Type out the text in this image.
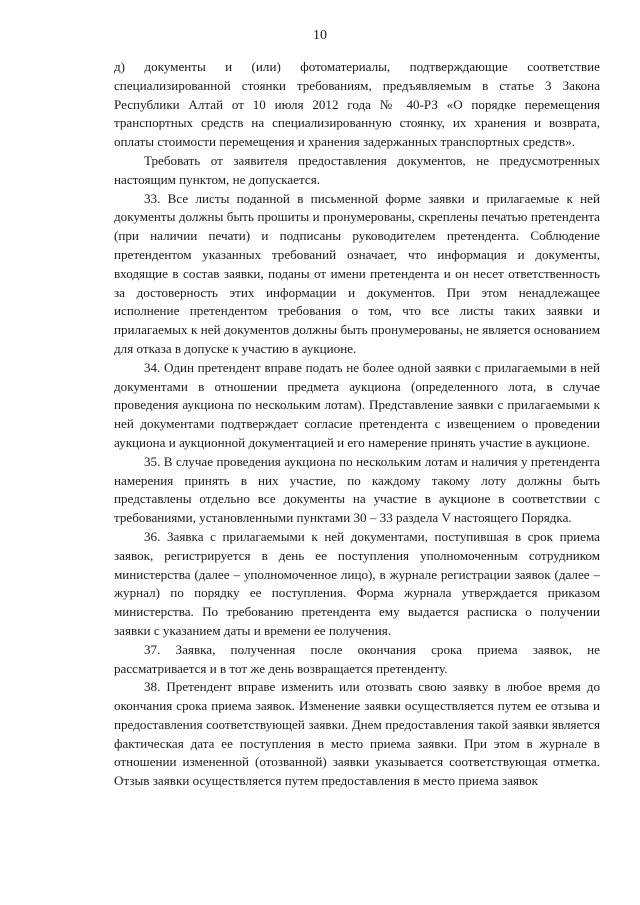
10

д) документы и (или) фотоматериалы, подтверждающие соответствие специализированной стоянки требованиям, предъявляемым в статье 3 Закона Республики Алтай от 10 июля 2012 года № 40-РЗ «О порядке перемещения транспортных средств на специализированную стоянку, их хранения и возврата, оплаты стоимости перемещения и хранения задержанных транспортных средств».

Требовать от заявителя предоставления документов, не предусмотренных настоящим пунктом, не допускается.

33. Все листы поданной в письменной форме заявки и прилагаемые к ней документы должны быть прошиты и пронумерованы, скреплены печатью претендента (при наличии печати) и подписаны руководителем претендента. Соблюдение претендентом указанных требований означает, что информация и документы, входящие в состав заявки, поданы от имени претендента и он несет ответственность за достоверность этих информации и документов. При этом ненадлежащее исполнение претендентом требования о том, что все листы таких заявки и прилагаемых к ней документов должны быть пронумерованы, не является основанием для отказа в допуске к участию в аукционе.

34. Один претендент вправе подать не более одной заявки с прилагаемыми в ней документами в отношении предмета аукциона (определенного лота, в случае проведения аукциона по нескольким лотам). Представление заявки с прилагаемыми к ней документами подтверждает согласие претендента с извещением о проведении аукциона и аукционной документацией и его намерение принять участие в аукционе.

35. В случае проведения аукциона по нескольким лотам и наличия у претендента намерения принять в них участие, по каждому такому лоту должны быть представлены отдельно все документы на участие в аукционе в соответствии с требованиями, установленными пунктами 30 – 33 раздела V настоящего Порядка.

36. Заявка с прилагаемыми к ней документами, поступившая в срок приема заявок, регистрируется в день ее поступления уполномоченным сотрудником министерства (далее – уполномоченное лицо), в журнале регистрации заявок (далее – журнал) по порядку ее поступления. Форма журнала утверждается приказом министерства. По требованию претендента ему выдается расписка о получении заявки с указанием даты и времени ее получения.

37. Заявка, полученная после окончания срока приема заявок, не рассматривается и в тот же день возвращается претенденту.

38. Претендент вправе изменить или отозвать свою заявку в любое время до окончания срока приема заявок. Изменение заявки осуществляется путем ее отзыва и предоставления соответствующей заявки. Днем предоставления такой заявки является фактическая дата ее поступления в место приема заявки. При этом в журнале в отношении измененной (отозванной) заявки указывается соответствующая отметка. Отзыв заявки осуществляется путем предоставления в место приема заявок
